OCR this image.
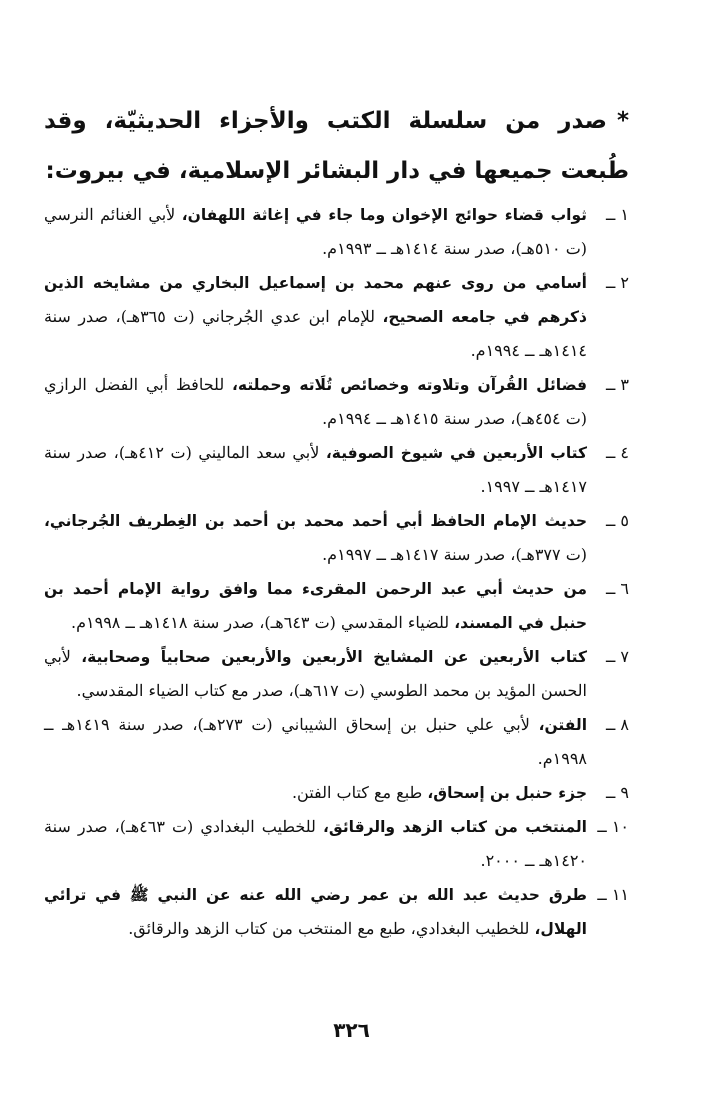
*صدر من سلسلة الكتب والأجزاء الحديثيّة، وقد طُبعت جميعها في دار البشائر الإسلامية، في بيروت:
١ ــ
ثواب قضاء حوائج الإخوان وما جاء في إغاثة اللهفان، لأبي الغنائم النرسي (ت ٥١٠هـ)، صدر سنة ١٤١٤هـ ــ ١٩٩٣م.
٢ ــ
أسامي من روى عنهم محمد بن إسماعيل البخاري من مشايخه الذين ذكرهم في جامعه الصحيح، للإمام ابن عدي الجُرجاني (ت ٣٦٥هـ)، صدر سنة ١٤١٤هـ ــ ١٩٩٤م.
٣ ــ
فضائل القُرآن وتلاوته وخصائص تُلَاته وحملته، للحافظ أبي الفضل الرازي (ت ٤٥٤هـ)، صدر سنة ١٤١٥هـ ــ ١٩٩٤م.
٤ ــ
كتاب الأربعين في شيوخ الصوفية، لأبي سعد الماليني (ت ٤١٢هـ)، صدر سنة ١٤١٧هـ ــ ١٩٩٧.
٥ ــ
حديث الإمام الحافظ أبي أحمد محمد بن أحمد بن الغِطريف الجُرجاني، (ت ٣٧٧هـ)، صدر سنة ١٤١٧هـ ــ ١٩٩٧م.
٦ ــ
من حديث أبي عبد الرحمن المقرىء مما وافق رواية الإمام أحمد بن حنبل في المسند، للضياء المقدسي (ت ٦٤٣هـ)، صدر سنة ١٤١٨هـ ــ ١٩٩٨م.
٧ ــ
كتاب الأربعين عن المشايخ الأربعين والأربعين صحابياً وصحابية، لأبي الحسن المؤيد بن محمد الطوسي (ت ٦١٧هـ)، صدر مع كتاب الضياء المقدسي.
٨ ــ
الفتن، لأبي علي حنبل بن إسحاق الشيباني (ت ٢٧٣هـ)، صدر سنة ١٤١٩هـ ــ ١٩٩٨م.
٩ ــ
جزء حنبل بن إسحاق، طبع مع كتاب الفتن.
١٠ ــ
المنتخب من كتاب الزهد والرقائق، للخطيب البغدادي (ت ٤٦٣هـ)، صدر سنة ١٤٢٠هـ ــ ٢٠٠٠.
١١ ــ
طرق حديث عبد الله بن عمر رضي الله عنه عن النبي ﷺ في ترائي الهلال، للخطيب البغدادي، طبع مع المنتخب من كتاب الزهد والرقائق.
٣٢٦
